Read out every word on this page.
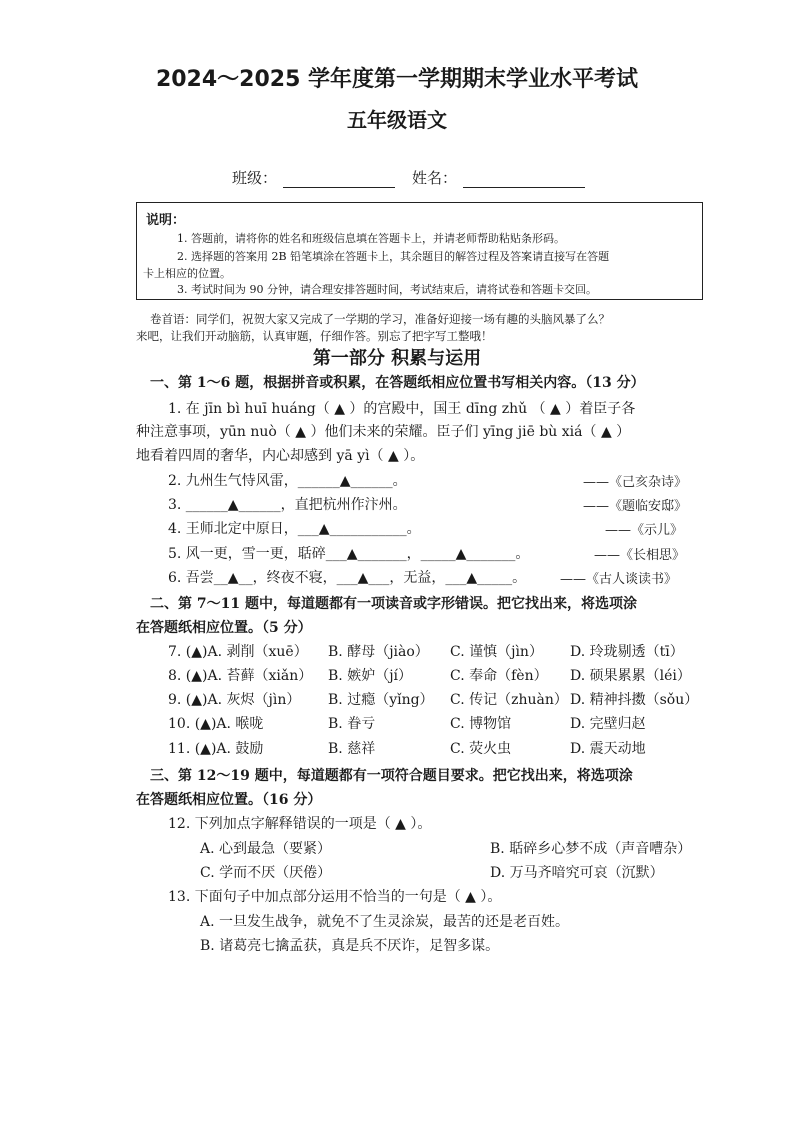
2024～2025 学年度第一学期期末学业水平考试
五年级语文
班级：	姓名：
说明：
1. 答题前，请将你的姓名和班级信息填在答题卡上，并请老师帮助粘贴条形码。
2. 选择题的答案用 2B 铅笔填涂在答题卡上，其余题目的解答过程及答案请直接写在答题
卡上相应的位置。
3. 考试时间为 90 分钟，请合理安排答题时间，考试结束后，请将试卷和答题卡交回。
卷首语：同学们，祝贺大家又完成了一学期的学习，准备好迎接一场有趣的头脑风暴了么？
来吧，让我们开动脑筋，认真审题，仔细作答。别忘了把字写工整哦！
第一部分 积累与运用
一、第 1～6 题，根据拼音或积累，在答题纸相应位置书写相关内容。（13 分）
1. 在 jīn bì huī huáng（ ▲ ）的宫殿中，国王 dīng zhǔ （ ▲ ）着臣子各
种注意事项，yūn nuò（ ▲ ）他们未来的荣耀。臣子们 yīng jiē bù xiá（ ▲ ）
地看着四周的奢华，内心却感到 yā yì（ ▲ ）。
2. 九州生气恃风雷，______▲______。	——《己亥杂诗》
3. ______▲______，直把杭州作汴州。	——《题临安邸》
4. 王师北定中原日，___▲___________。	——《示儿》
5. 风一更，雪一更，聒碎___▲_______，_____▲_______。	——《长相思》
6. 吾尝__▲__，终夜不寝，___▲___，无益，___▲_____。	——《古人谈读书》
二、第 7～11 题中，每道题都有一项读音或字形错误。把它找出来，将选项涂
在答题纸相应位置。（5 分）
7. (▲)A. 剥削（xuē） B. 酵母（jiào） C. 谨慎（jìn） D. 玲珑剔透（tī）
8. (▲)A. 苔藓（xiǎn） B. 嫉妒（jí）	C. 奉命（fèn） D. 硕果累累（léi）
9. (▲)A. 灰烬（jìn） B. 过瘾（yǐng） C. 传记（zhuàn） D. 精神抖擞（sǒu）
10. (▲)A. 喉咙	B. 眷亏	C. 博物馆	D. 完壁归赵
11. (▲)A. 鼓励	B. 慈祥	C. 荧火虫	D. 震天动地
三、第 12～19 题中，每道题都有一项符合题目要求。把它找出来，将选项涂
在答题纸相应位置。（16 分）
12. 下列加点字解释错误的一项是（ ▲ ）。
A. 心到最急（要紧）	B. 聒碎乡心梦不成（声音嘈杂）
C. 学而不厌（厌倦）	D. 万马齐喑究可哀（沉默）
13. 下面句子中加点部分运用不恰当的一句是（ ▲ ）。
A. 一旦发生战争，就免不了生灵涂炭，最苦的还是老百姓。
B. 诸葛亮七擒孟获，真是兵不厌诈，足智多谋。
